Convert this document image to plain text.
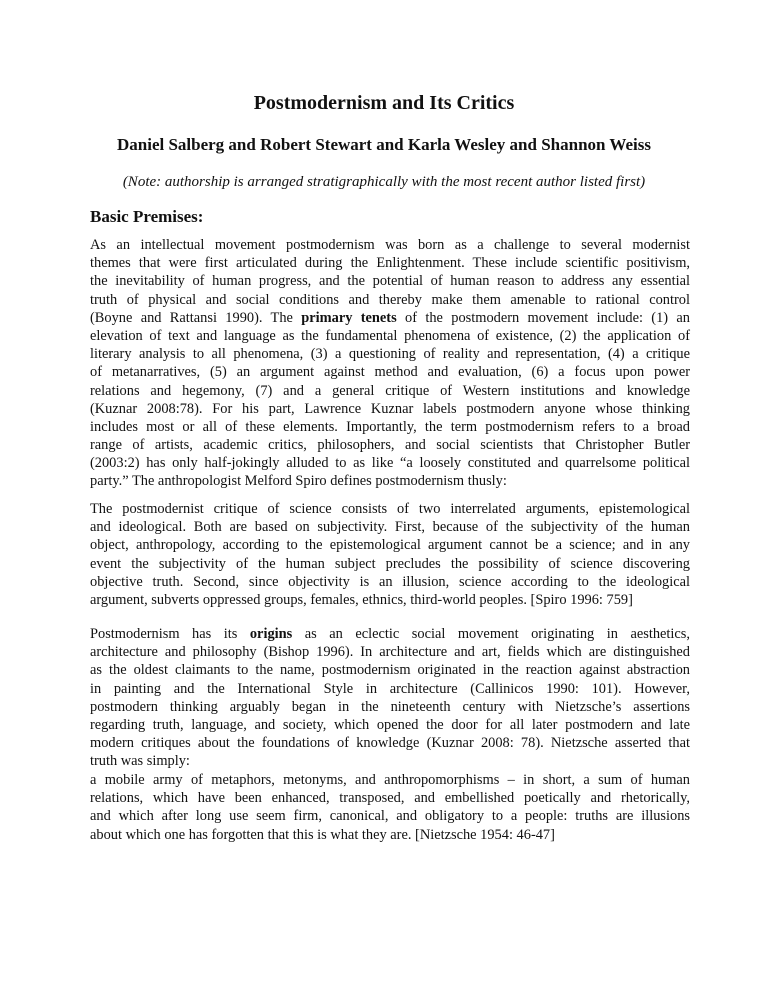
Postmodernism and Its Critics
Daniel Salberg and Robert Stewart and Karla Wesley and Shannon Weiss
(Note: authorship is arranged stratigraphically with the most recent author listed first)
Basic Premises:
As an intellectual movement postmodernism was born as a challenge to several modernist
themes that were first articulated during the Enlightenment. These include scientific positivism,
the inevitability of human progress, and the potential of human reason to address any essential
truth of physical and social conditions and thereby make them amenable to rational control
(Boyne and Rattansi 1990). The primary tenets of the postmodern movement include: (1) an
elevation of text and language as the fundamental phenomena of existence, (2) the application of
literary analysis to all phenomena, (3) a questioning of reality and representation, (4) a critique
of metanarratives, (5) an argument against method and evaluation, (6) a focus upon power
relations and hegemony, (7) and a general critique of Western institutions and knowledge
(Kuznar 2008:78). For his part, Lawrence Kuznar labels postmodern anyone whose thinking
includes most or all of these elements. Importantly, the term postmodernism refers to a broad
range of artists, academic critics, philosophers, and social scientists that Christopher Butler
(2003:2) has only half-jokingly alluded to as like “a loosely constituted and quarrelsome political
party.” The anthropologist Melford Spiro defines postmodernism thusly:
The postmodernist critique of science consists of two interrelated arguments, epistemological
and ideological. Both are based on subjectivity. First, because of the subjectivity of the human
object, anthropology, according to the epistemological argument cannot be a science; and in any
event the subjectivity of the human subject precludes the possibility of science discovering
objective truth. Second, since objectivity is an illusion, science according to the ideological
argument, subverts oppressed groups, females, ethnics, third-world peoples. [Spiro 1996: 759]
Postmodernism has its origins as an eclectic social movement originating in aesthetics,
architecture and philosophy (Bishop 1996). In architecture and art, fields which are distinguished
as the oldest claimants to the name, postmodernism originated in the reaction against abstraction
in painting and the International Style in architecture (Callinicos 1990: 101). However,
postmodern thinking arguably began in the nineteenth century with Nietzsche’s assertions
regarding truth, language, and society, which opened the door for all later postmodern and late
modern critiques about the foundations of knowledge (Kuznar 2008: 78). Nietzsche asserted that
truth was simply:
a mobile army of metaphors, metonyms, and anthropomorphisms – in short, a sum of human
relations, which have been enhanced, transposed, and embellished poetically and rhetorically,
and which after long use seem firm, canonical, and obligatory to a people: truths are illusions
about which one has forgotten that this is what they are. [Nietzsche 1954: 46-47]
